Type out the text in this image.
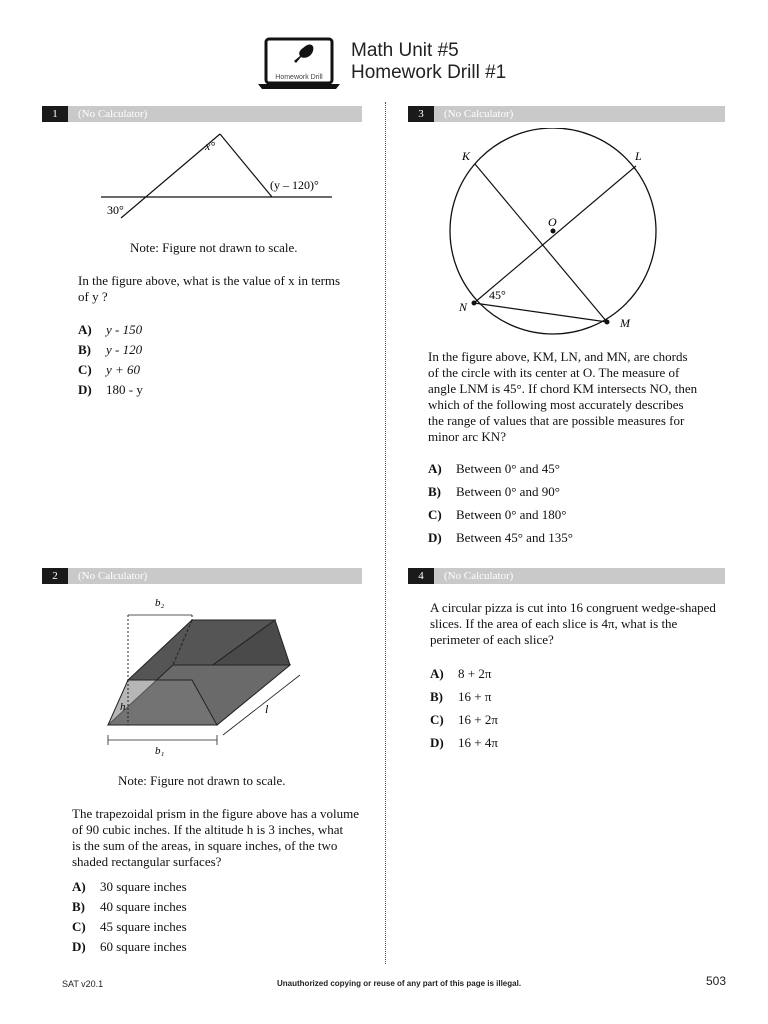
Homework Drill
Math Unit #5
Homework Drill #1
1	(No Calculator)
x°
(y – 120)°
30°
Note: Figure not drawn to scale.
In the figure above, what is the value of x in terms
of y ?
A) y - 150
B) y - 120
C) y + 60
D) 180 - y
2	(No Calculator)
b₂
h	l
b₁
Note: Figure not drawn to scale.
The trapezoidal prism in the figure above has a volume
of 90 cubic inches. If the altitude h is 3 inches, what
is the sum of the areas, in square inches, of the two
shaded rectangular surfaces?
A) 30 square inches
B) 40 square inches
C) 45 square inches
D) 60 square inches
3	(No Calculator)
K	L
O
N
M
45°
In the figure above, KM, LN, and MN, are chords
of the circle with its center at O. The measure of
angle LNM is 45°. If chord KM intersects NO, then
which of the following most accurately describes
the range of values that are possible measures for
minor arc KN?
A) Between 0° and 45°
B) Between 0° and 90°
C) Between 0° and 180°
D) Between 45° and 135°
4	(No Calculator)
A circular pizza is cut into 16 congruent wedge-shaped
slices. If the area of each slice is 4π, what is the
perimeter of each slice?
A) 8 + 2π
B) 16 + π
C) 16 + 2π
D) 16 + 4π
SAT v20.1	Unauthorized copying or reuse of any part of this page is illegal.	503
